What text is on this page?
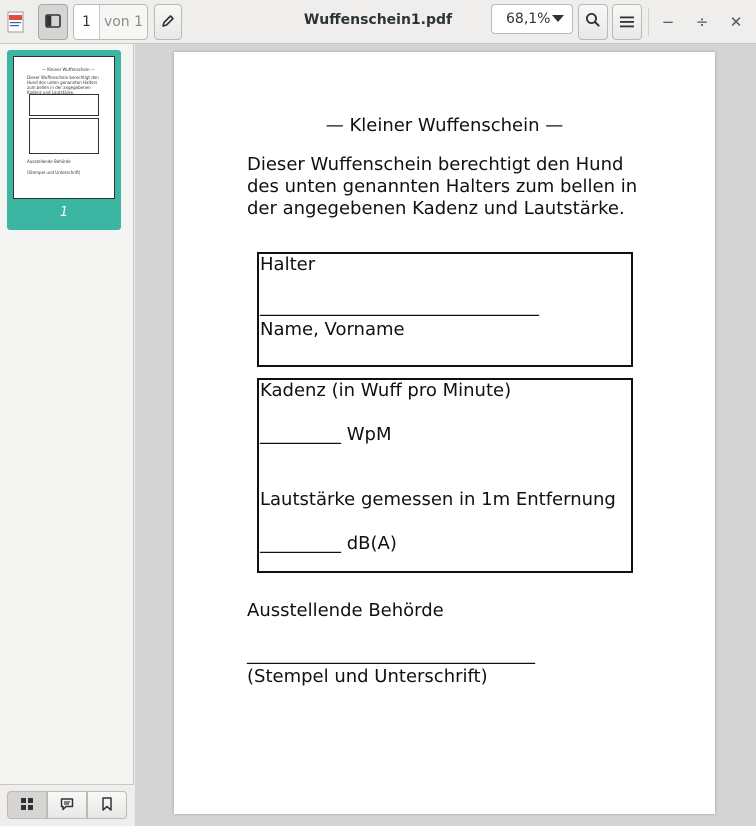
1
von 1	Wuffenschein1.pdf	68,1%	−	÷	✕
— Kleiner Wuffenschein —
Dieser Wuffenschein berechtigt den Hund des unten genannten Halters zum bellen in der angegebenen Kadenz und Lautstärke.
Ausstellende Behörde
(Stempel und Unterschrift)
1
— Kleiner Wuffenschein —
Dieser Wuffenschein berechtigt den Hund des unten genannten Halters zum bellen in der angegebenen Kadenz und Lautstärke.
Halter
_______________________________
Name, Vorname
Kadenz (in Wuff pro Minute)
_________ WpM
Lautstärke gemessen in 1m Entfernung
_________ dB(A)
Ausstellende Behörde
________________________________
(Stempel und Unterschrift)
